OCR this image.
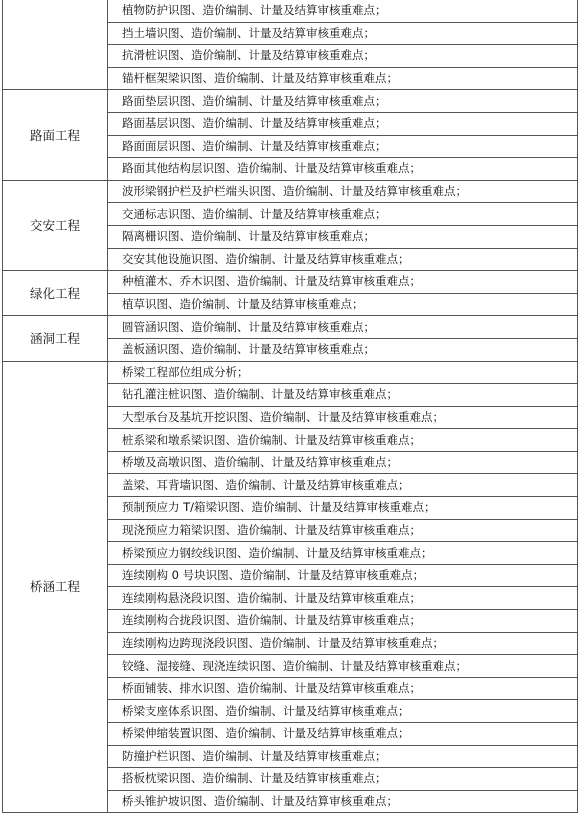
	植物防护识图、造价编制、计量及结算审核重难点；
	挡土墙识图、造价编制、计量及结算审核重难点；
	抗滑桩识图、造价编制、计量及结算审核重难点；
	锚杆框架梁识图、造价编制、计量及结算审核重难点；
路面工程	路面垫层识图、造价编制、计量及结算审核重难点；
	路面基层识图、造价编制、计量及结算审核重难点；
	路面面层识图、造价编制、计量及结算审核重难点；
	路面其他结构层识图、造价编制、计量及结算审核重难点；
交安工程	波形梁钢护栏及护栏端头识图、造价编制、计量及结算审核重难点；
	交通标志识图、造价编制、计量及结算审核重难点；
	隔离栅识图、造价编制、计量及结算审核重难点；
	交安其他设施识图、造价编制、计量及结算审核重难点；
绿化工程	种植灌木、乔木识图、造价编制、计量及结算审核重难点；
	植草识图、造价编制、计量及结算审核重难点；
涵洞工程	圆管涵识图、造价编制、计量及结算审核重难点；
	盖板涵识图、造价编制、计量及结算审核重难点；
桥涵工程	桥梁工程部位组成分析；
	钻孔灌注桩识图、造价编制、计量及结算审核重难点；
	大型承台及基坑开挖识图、造价编制、计量及结算审核重难点；
	桩系梁和墩系梁识图、造价编制、计量及结算审核重难点；
	桥墩及高墩识图、造价编制、计量及结算审核重难点；
	盖梁、耳背墙识图、造价编制、计量及结算审核重难点；
	预制预应力 T/箱梁识图、造价编制、计量及结算审核重难点；
	现浇预应力箱梁识图、造价编制、计量及结算审核重难点；
	桥梁预应力钢绞线识图、造价编制、计量及结算审核重难点；
	连续刚构 0 号块识图、造价编制、计量及结算审核重难点；
	连续刚构悬浇段识图、造价编制、计量及结算审核重难点；
	连续刚构合拢段识图、造价编制、计量及结算审核重难点；
	连续刚构边跨现浇段识图、造价编制、计量及结算审核重难点；
	铰缝、湿接缝、现浇连续识图、造价编制、计量及结算审核重难点；
	桥面铺装、排水识图、造价编制、计量及结算审核重难点；
	桥梁支座体系识图、造价编制、计量及结算审核重难点；
	桥梁伸缩装置识图、造价编制、计量及结算审核重难点；
	防撞护栏识图、造价编制、计量及结算审核重难点；
	搭板枕梁识图、造价编制、计量及结算审核重难点；
	桥头锥护坡识图、造价编制、计量及结算审核重难点；
